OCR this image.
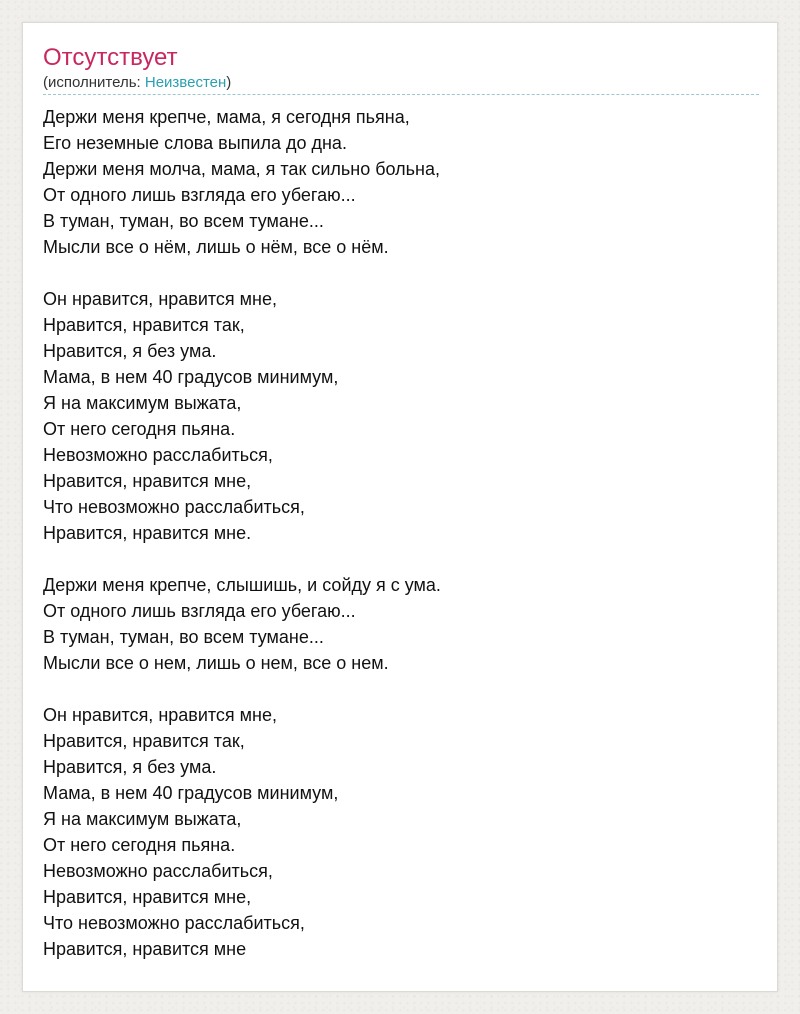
Отсутствует
(исполнитель: Неизвестен)
Держи меня крепче, мама, я сегодня пьяна,
Его неземные слова выпила до дна.
Держи меня молча, мама, я так сильно больна,
От одного лишь взгляда его убегаю...
В туман, туман, во всем тумане...
Мысли все о нём, лишь о нём, все о нём.
Он нравится, нравится мне,
Нравится, нравится так,
Нравится, я без ума.
Мама, в нем 40 градусов минимум,
Я на максимум выжата,
От него сегодня пьяна.
Невозможно расслабиться,
Нравится, нравится мне,
Что невозможно расслабиться,
Нравится, нравится мне.
Держи меня крепче, слышишь, и сойду я с ума.
От одного лишь взгляда его убегаю...
В туман, туман, во всем тумане...
Мысли все о нем, лишь о нем, все о нем.
Он нравится, нравится мне,
Нравится, нравится так,
Нравится, я без ума.
Мама, в нем 40 градусов минимум,
Я на максимум выжата,
От него сегодня пьяна.
Невозможно расслабиться,
Нравится, нравится мне,
Что невозможно расслабиться,
Нравится, нравится мне
